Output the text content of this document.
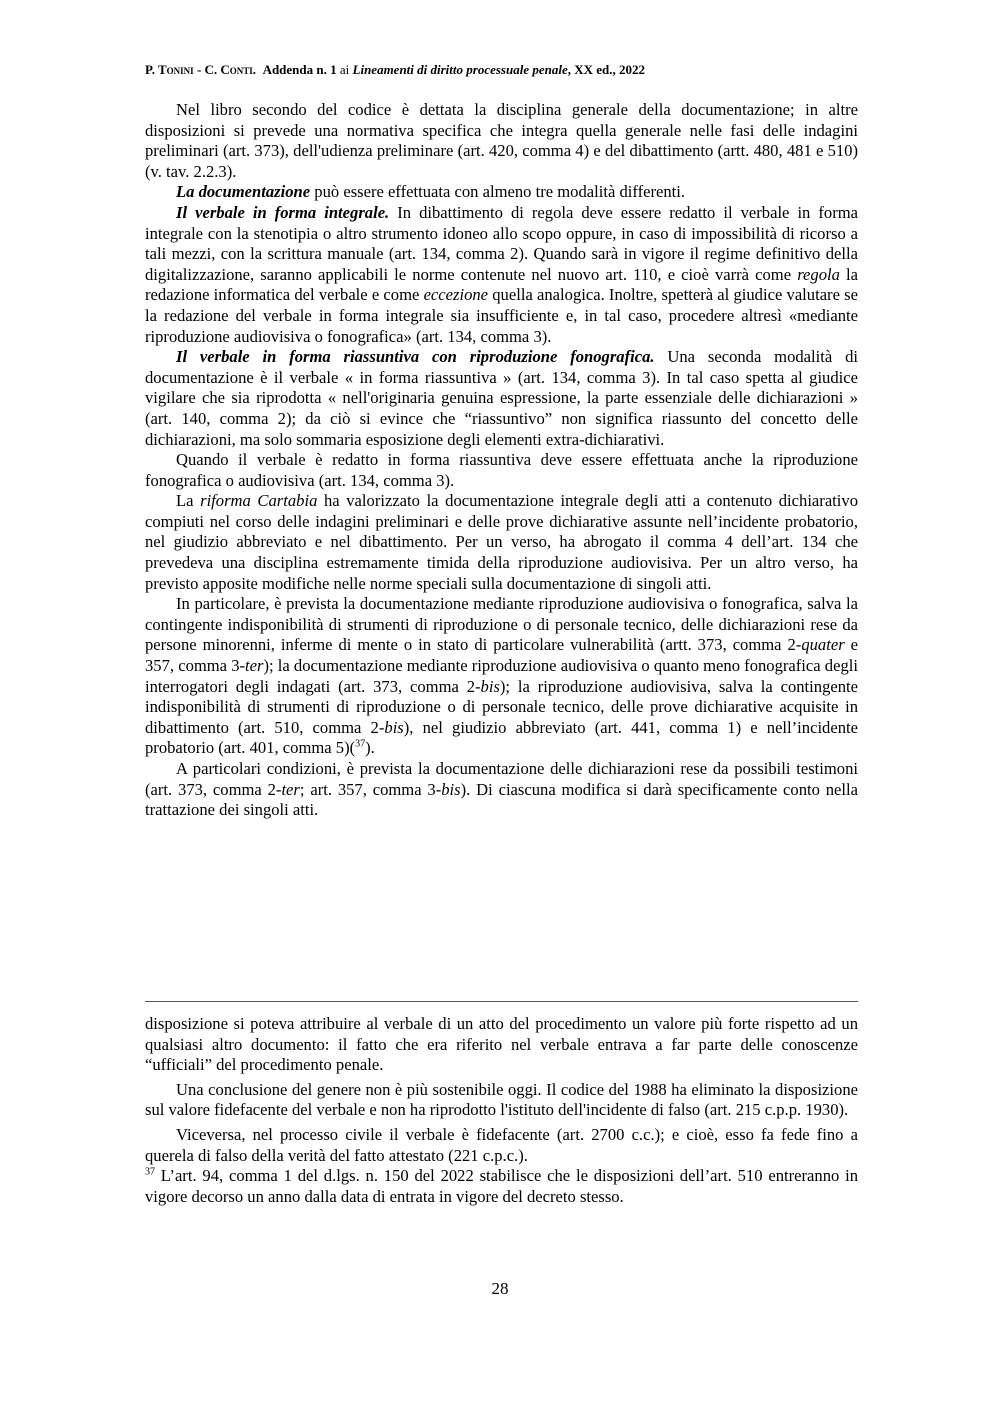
P. Tonini - C. Conti. Addenda n. 1 ai Lineamenti di diritto processuale penale, XX ed., 2022

Nel libro secondo del codice è dettata la disciplina generale della documentazione; in altre disposizioni si prevede una normativa specifica che integra quella generale nelle fasi delle indagini preliminari (art. 373), dell'udienza preliminare (art. 420, comma 4) e del dibattimento (artt. 480, 481 e 510) (v. tav. 2.2.3).

La documentazione può essere effettuata con almeno tre modalità differenti.

Il verbale in forma integrale. In dibattimento di regola deve essere redatto il verbale in forma integrale con la stenotipia o altro strumento idoneo allo scopo oppure, in caso di impossibilità di ricorso a tali mezzi, con la scrittura manuale (art. 134, comma 2). Quando sarà in vigore il regime definitivo della digitalizzazione, saranno applicabili le norme contenute nel nuovo art. 110, e cioè varrà come regola la redazione informatica del verbale e come eccezione quella analogica. Inoltre, spetterà al giudice valutare se la redazione del verbale in forma integrale sia insufficiente e, in tal caso, procedere altresì «mediante riproduzione audiovisiva o fonografica» (art. 134, comma 3).

Il verbale in forma riassuntiva con riproduzione fonografica. Una seconda modalità di documentazione è il verbale « in forma riassuntiva » (art. 134, comma 3). In tal caso spetta al giudice vigilare che sia riprodotta « nell'originaria genuina espressione, la parte essenziale delle dichiarazioni » (art. 140, comma 2); da ciò si evince che “riassuntivo” non significa riassunto del concetto delle dichiarazioni, ma solo sommaria esposizione degli elementi extra-dichiarativi.

Quando il verbale è redatto in forma riassuntiva deve essere effettuata anche la riproduzione fonografica o audiovisiva (art. 134, comma 3).

La riforma Cartabia ha valorizzato la documentazione integrale degli atti a contenuto dichiarativo compiuti nel corso delle indagini preliminari e delle prove dichiarative assunte nell’incidente probatorio, nel giudizio abbreviato e nel dibattimento. Per un verso, ha abrogato il comma 4 dell’art. 134 che prevedeva una disciplina estremamente timida della riproduzione audiovisiva. Per un altro verso, ha previsto apposite modifiche nelle norme speciali sulla documentazione di singoli atti.

In particolare, è prevista la documentazione mediante riproduzione audiovisiva o fonografica, salva la contingente indisponibilità di strumenti di riproduzione o di personale tecnico, delle dichiarazioni rese da persone minorenni, inferme di mente o in stato di particolare vulnerabilità (artt. 373, comma 2-quater e 357, comma 3-ter); la documentazione mediante riproduzione audiovisiva o quanto meno fonografica degli interrogatori degli indagati (art. 373, comma 2-bis); la riproduzione audiovisiva, salva la contingente indisponibilità di strumenti di riproduzione o di personale tecnico, delle prove dichiarative acquisite in dibattimento (art. 510, comma 2-bis), nel giudizio abbreviato (art. 441, comma 1) e nell’incidente probatorio (art. 401, comma 5)($^{37}$).

A particolari condizioni, è prevista la documentazione delle dichiarazioni rese da possibili testimoni (art. 373, comma 2-ter; art. 357, comma 3-bis). Di ciascuna modifica si darà specificamente conto nella trattazione dei singoli atti.

disposizione si poteva attribuire al verbale di un atto del procedimento un valore più forte rispetto ad un qualsiasi altro documento: il fatto che era riferito nel verbale entrava a far parte delle conoscenze “ufficiali” del procedimento penale.

Una conclusione del genere non è più sostenibile oggi. Il codice del 1988 ha eliminato la disposizione sul valore fidefacente del verbale e non ha riprodotto l'istituto dell'incidente di falso (art. 215 c.p.p. 1930).

Viceversa, nel processo civile il verbale è fidefacente (art. 2700 c.c.); e cioè, esso fa fede fino a querela di falso della verità del fatto attestato (221 c.p.c.).

$^{37}$ L’art. 94, comma 1 del d.lgs. n. 150 del 2022 stabilisce che le disposizioni dell’art. 510 entreranno in vigore decorso un anno dalla data di entrata in vigore del decreto stesso.

28
